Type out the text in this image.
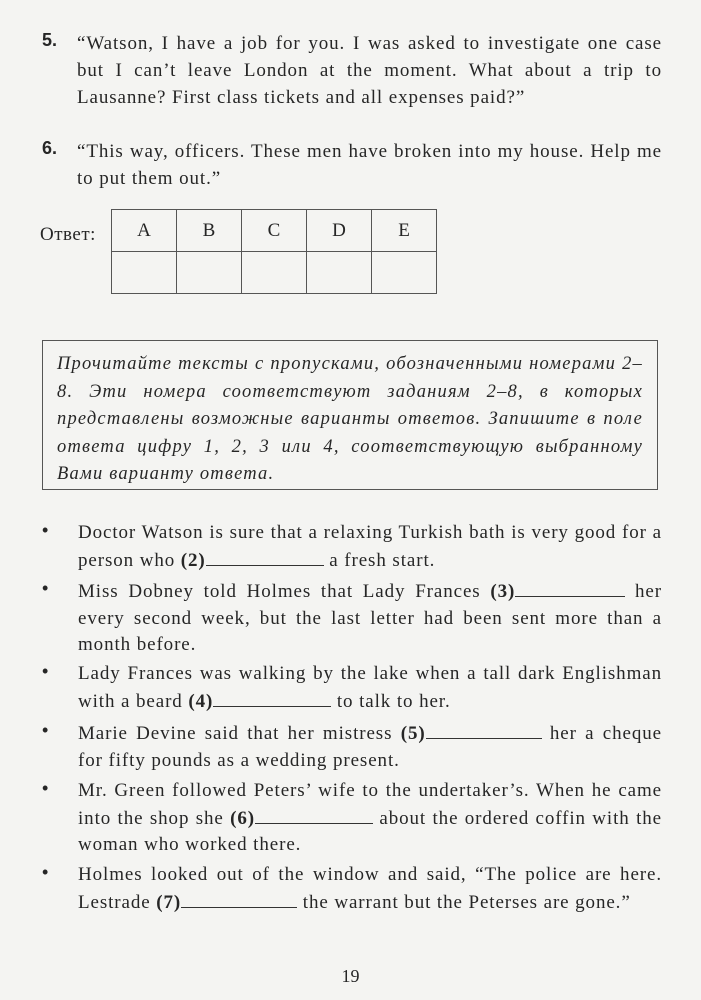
5. “Watson, I have a job for you. I was asked to investigate one case but I can’t leave London at the moment. What about a trip to Lausanne? First class tickets and all expenses paid?”
6. “This way, officers. These men have broken into my house. Help me to put them out.”
Ответ: A	B	C	D	E

Прочитайте тексты с пропусками, обозначенными номерами 2–8. Эти номера соответствуют заданиям 2–8, в которых представлены возможные варианты ответов. Запишите в поле ответа цифру 1, 2, 3 или 4, соответствующую выбранному Вами варианту ответа.
• Doctor Watson is sure that a relaxing Turkish bath is very good for a person who (2)	a fresh start.
• Miss Dobney told Holmes that Lady Frances (3)	her every second week, but the last letter had been sent more than a month before.
• Lady Frances was walking by the lake when a tall dark Englishman with a beard (4)	to talk to her.
• Marie Devine said that her mistress (5)	her a cheque for fifty pounds as a wedding present.
• Mr. Green followed Peters’ wife to the undertaker’s. When he came into the shop she (6)	about the ordered coffin with the woman who worked there.
• Holmes looked out of the window and said, “The police are here. Lestrade (7)	the warrant but the Peterses are gone.”
19
